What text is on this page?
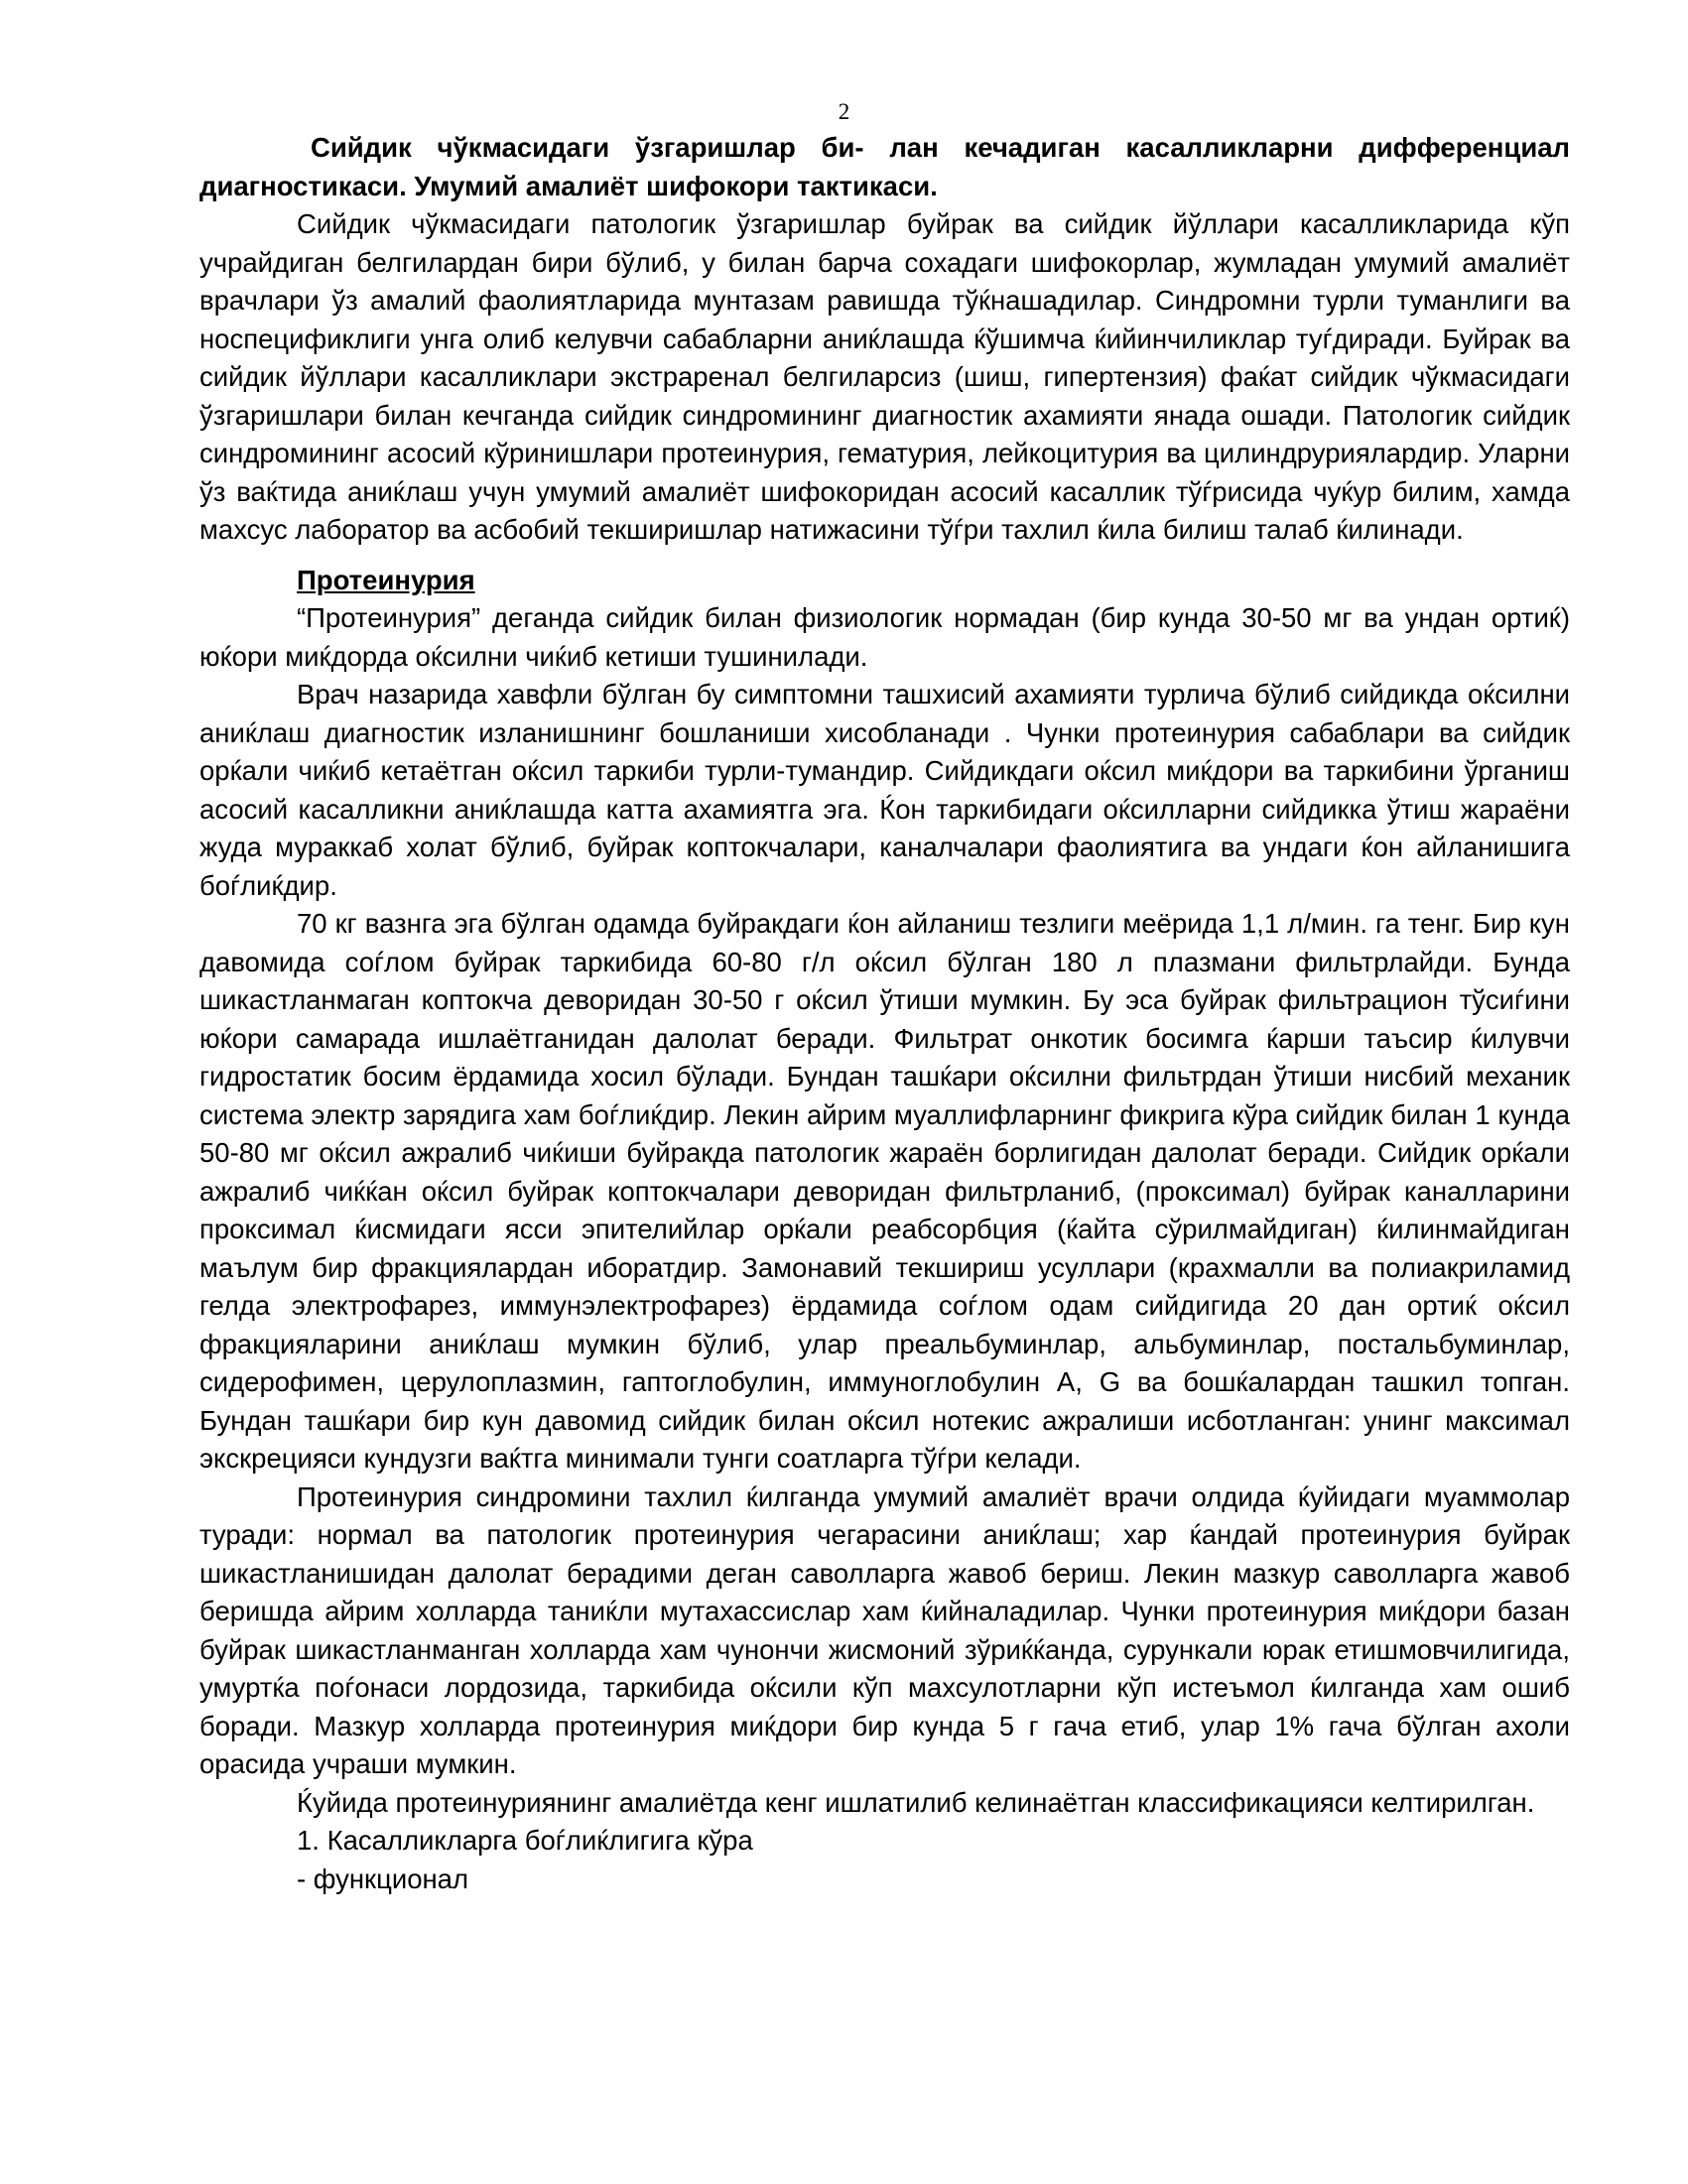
2

Сийдик чўкмасидаги ўзгаришлар би- лан кечадиган касалликларни дифференциал диагностикаси. Умумий амалиёт шифокори тактикаси.

Сийдик чўкмасидаги патологик ўзгаришлар буйрак ва сийдик йўллари касалликларида кўп учрайдиган белгилардан бири бўлиб, у билан барча сохадаги шифокорлар, жумладан умумий амалиёт врачлари ўз амалий фаолиятларида мунтазам равишда тўќнашадилар. Синдромни турли туманлиги ва носпецификлиги унга олиб келувчи сабабларни аниќлашда ќўшимча ќийинчиликлар туѓдиради. Буйрак ва сийдик йўллари касалликлари экстраренал белгиларсиз (шиш, гипертензия) фаќат сийдик чўкмасидаги ўзгаришлари билан кечганда сийдик синдромининг диагностик ахамияти янада ошади. Патологик сийдик синдромининг асосий кўринишлари протеинурия, гематурия, лейкоцитурия ва цилиндруриялардир. Уларни ўз ваќтида аниќлаш учун умумий амалиёт шифокоридан асосий касаллик тўѓрисида чуќур билим, хамда махсус лаборатор ва асбобий текширишлар натижасини тўѓри тахлил ќила билиш талаб ќилинади.

Протеинурия

“Протеинурия” деганда сийдик билан физиологик нормадан (бир кунда 30-50 мг ва ундан ортиќ) юќори миќдорда оќсилни чиќиб кетиши тушинилади.

Врач назарида хавфли бўлган бу симптомни ташхисий ахамияти турлича бўлиб сийдикда оќсилни аниќлаш диагностик изланишнинг бошланиши хисобланади . Чунки протеинурия сабаблари ва сийдик орќали чиќиб кетаётган оќсил таркиби турли-тумандир. Сийдикдаги оќсил миќдори ва таркибини ўрганиш асосий касалликни аниќлашда катта ахамиятга эга. Ќон таркибидаги оќсилларни сийдикка ўтиш жараёни жуда мураккаб холат бўлиб, буйрак коптокчалари, каналчалари фаолиятига ва ундаги ќон айланишига боѓлиќдир.

70 кг вазнга эга бўлган одамда буйракдаги ќон айланиш тезлиги меёрида 1,1 л/мин. га тенг. Бир кун давомида соѓлом буйрак таркибида 60-80 г/л оќсил бўлган 180 л плазмани фильтрлайди. Бунда шикастланмаган коптокча деворидан 30-50 г оќсил ўтиши мумкин. Бу эса буйрак фильтрацион тўсиѓини юќори самарада ишлаётганидан далолат беради. Фильтрат онкотик босимга ќарши таъсир ќилувчи гидростатик босим ёрдамида хосил бўлади. Бундан ташќари оќсилни фильтрдан ўтиши нисбий механик система электр зарядига хам боѓлиќдир. Лекин айрим муаллифларнинг фикрига кўра сийдик билан 1 кунда 50-80 мг оќсил ажралиб чиќиши буйракда патологик жараён борлигидан далолат беради. Сийдик орќали ажралиб чиќќан оќсил буйрак коптокчалари деворидан фильтрланиб, (проксимал) буйрак каналларини проксимал ќисмидаги ясси эпителийлар орќали реабсорбция (ќайта сўрилмайдиган) ќилинмайдиган маълум бир фракциялардан иборатдир. Замонавий текшириш усуллари (крахмалли ва полиакриламид гелда электрофарез, иммунэлектрофарез) ёрдамида соѓлом одам сийдигида 20 дан ортиќ оќсил фракцияларини аниќлаш мумкин бўлиб, улар преальбуминлар, альбуминлар, постальбуминлар, сидерофимен, церулоплазмин, гаптоглобулин, иммуноглобулин А, G ва бошќалардан ташкил топган. Бундан ташќари бир кун давомид сийдик билан оќсил нотекис ажралиши исботланган: унинг максимал экскрецияси кундузги ваќтга минимали тунги соатларга тўѓри келади.

Протеинурия синдромини тахлил ќилганда умумий амалиёт врачи олдида ќуйидаги муаммолар туради: нормал ва патологик протеинурия чегарасини аниќлаш; хар ќандай протеинурия буйрак шикастланишидан далолат берадими деган саволларга жавоб бериш. Лекин мазкур саволларга жавоб беришда айрим холларда таниќли мутахассислар хам ќийналадилар. Чунки протеинурия миќдори базан буйрак шикастланманган холларда хам чунончи жисмоний зўриќќанда, сурункали юрак етишмовчилигида, умуртќа поѓонаси лордозида, таркибида оќсили кўп махсулотларни кўп истеъмол ќилганда хам ошиб боради. Мазкур холларда протеинурия миќдори бир кунда 5 г гача етиб, улар 1% гача бўлган ахоли орасида учраши мумкин.

Ќуйида протеинуриянинг амалиётда кенг ишлатилиб келинаётган классификацияси келтирилган.

1. Касалликларга боѓлиќлигига кўра

- функционал
